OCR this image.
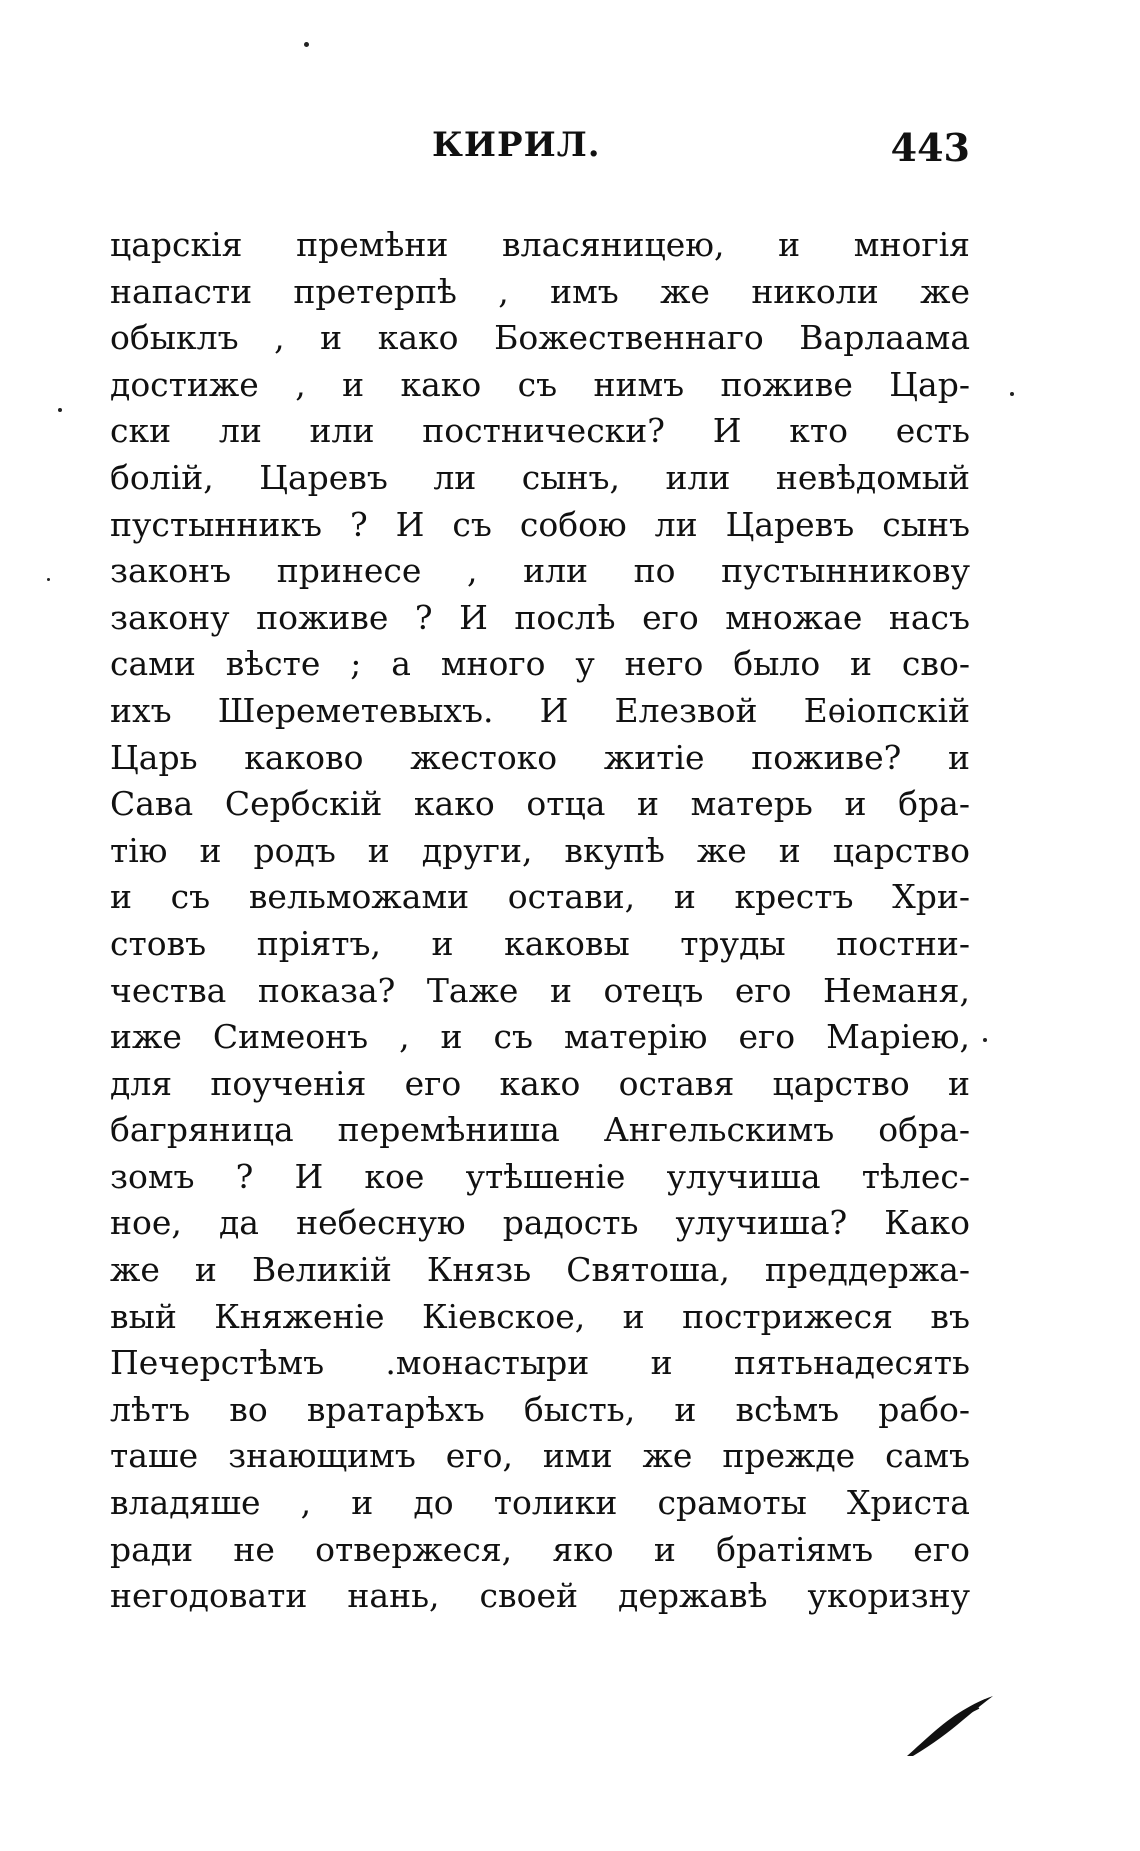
КИРИЛ.	443
царскія премѣни власяницею, и многія
напасти претерпѣ , имъ же николи же
обыклъ , и како Божественнаго Варлаама
достиже , и како съ нимъ поживе Цар-
ски ли или постнически? И кто есть
болій, Царевъ ли сынъ, или невѣдомый
пустынникъ ? И съ собою ли Царевъ сынъ
законъ принесе , или по пустынникову
закону поживе ? И послѣ его множае насъ
сами вѣсте ; а много у него было и сво-
ихъ Шереметевыхъ. И Елезвой Еѳіопскій
Царь каково жестоко житіе поживе? и
Сава Сербскій како отца и матерь и бра-
тію и родъ и други, вкупѣ же и царство
и съ вельможами остави, и крестъ Хри-
стовъ пріятъ, и каковы труды постни-
чества показа? Таже и отецъ его Неманя,
иже Симеонъ , и съ матерію его Маріею,
для поученія его како оставя царство и
багряница перемѣниша Ангельскимъ обра-
зомъ ? И кое утѣшеніе улучиша тѣлес-
ное, да небесную радость улучиша? Како
же и Великій Князь Святоша, преддержа-
вый Княженіе Кіевское, и пострижеся въ
Печерстѣмъ .монастыри и пятьнадесять
лѣтъ во вратарѣхъ бысть, и всѣмъ рабо-
таше знающимъ его, ими же прежде самъ
владяше , и до толики срамоты Христа
ради не отвержеся, яко и братіямъ его
негодовати нань, своей державѣ укоризну
